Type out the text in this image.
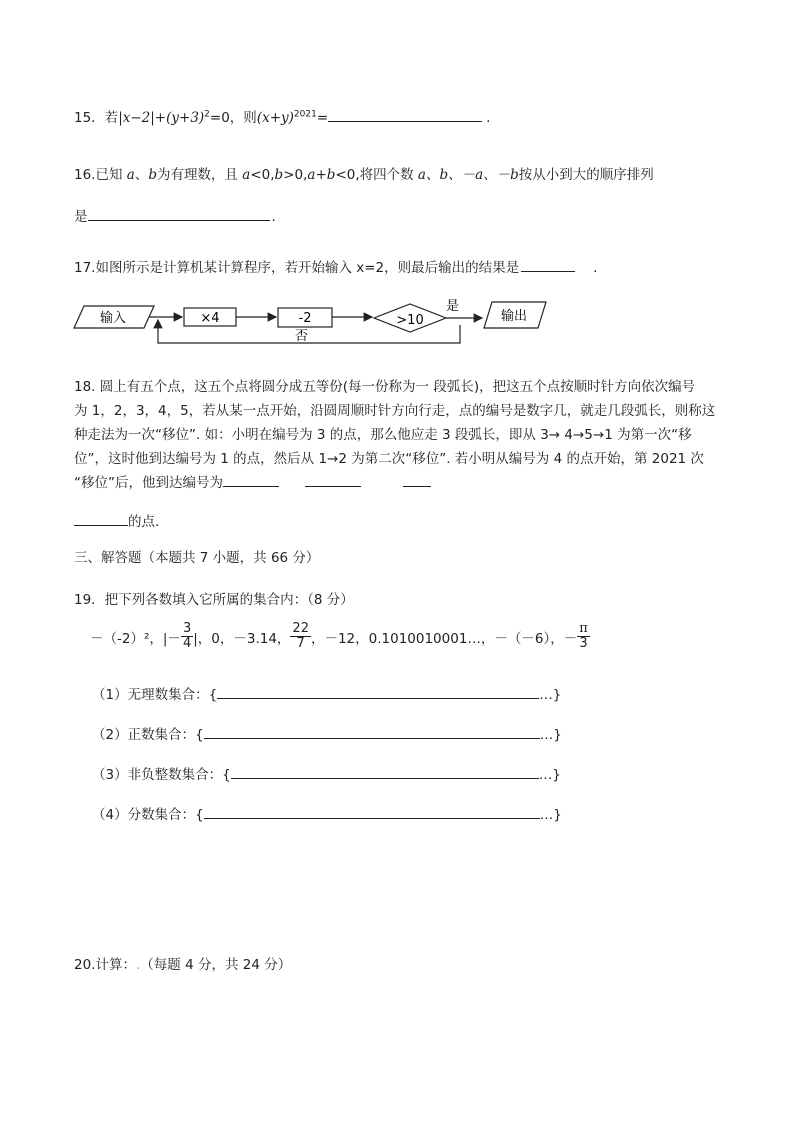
15．若$|x-2|+(y+3)^2=0$，则$(x+y)^{2021}=$	.
16.已知 a、b为有理数，且 a<0,b>0,a+b<0,将四个数 a、b、－a、－b按从小到大的顺序排列
是	.
17.如图所示是计算机某计算程序，若开始输入 x=2，则最后输出的结果是	.
输入	×4	-2	>10
是
输出
否
18. 圆上有五个点，这五个点将圆分成五等份(每一份称为一 段弧长)，把这五个点按顺时针方向依次编号
为 1，2，3，4，5，若从某一点开始，沿圆周顺时针方向行走，点的编号是数字几，就走几段弧长，则称这
种走法为一次“移位”. 如：小明在编号为 3 的点，那么他应走 3 段弧长，即从 3→ 4→5→1 为第一次“移
位”，这时他到达编号为 1 的点，然后从 1→2 为第二次“移位”. 若小明从编号为 4 的点开始，第 2021 次
“移位”后，他到达编号为
的点.
三、解答题（本题共 7 小题，共 66 分）
19．把下列各数填入它所属的集合内：（8 分）
－（-2）²， |－ $\frac{3}{4}$ |，0，－3.14， $\frac{22}{7}$ ，－12，0.1010010001…，－（－6），－ $\frac{\pi}{3}$
（1）无理数集合：{	…}
（2）正数集合：{	…}
（3）非负整数集合：{	…}
（4）分数集合：{	…}
20.计算：.（每题 4 分，共 24 分）
